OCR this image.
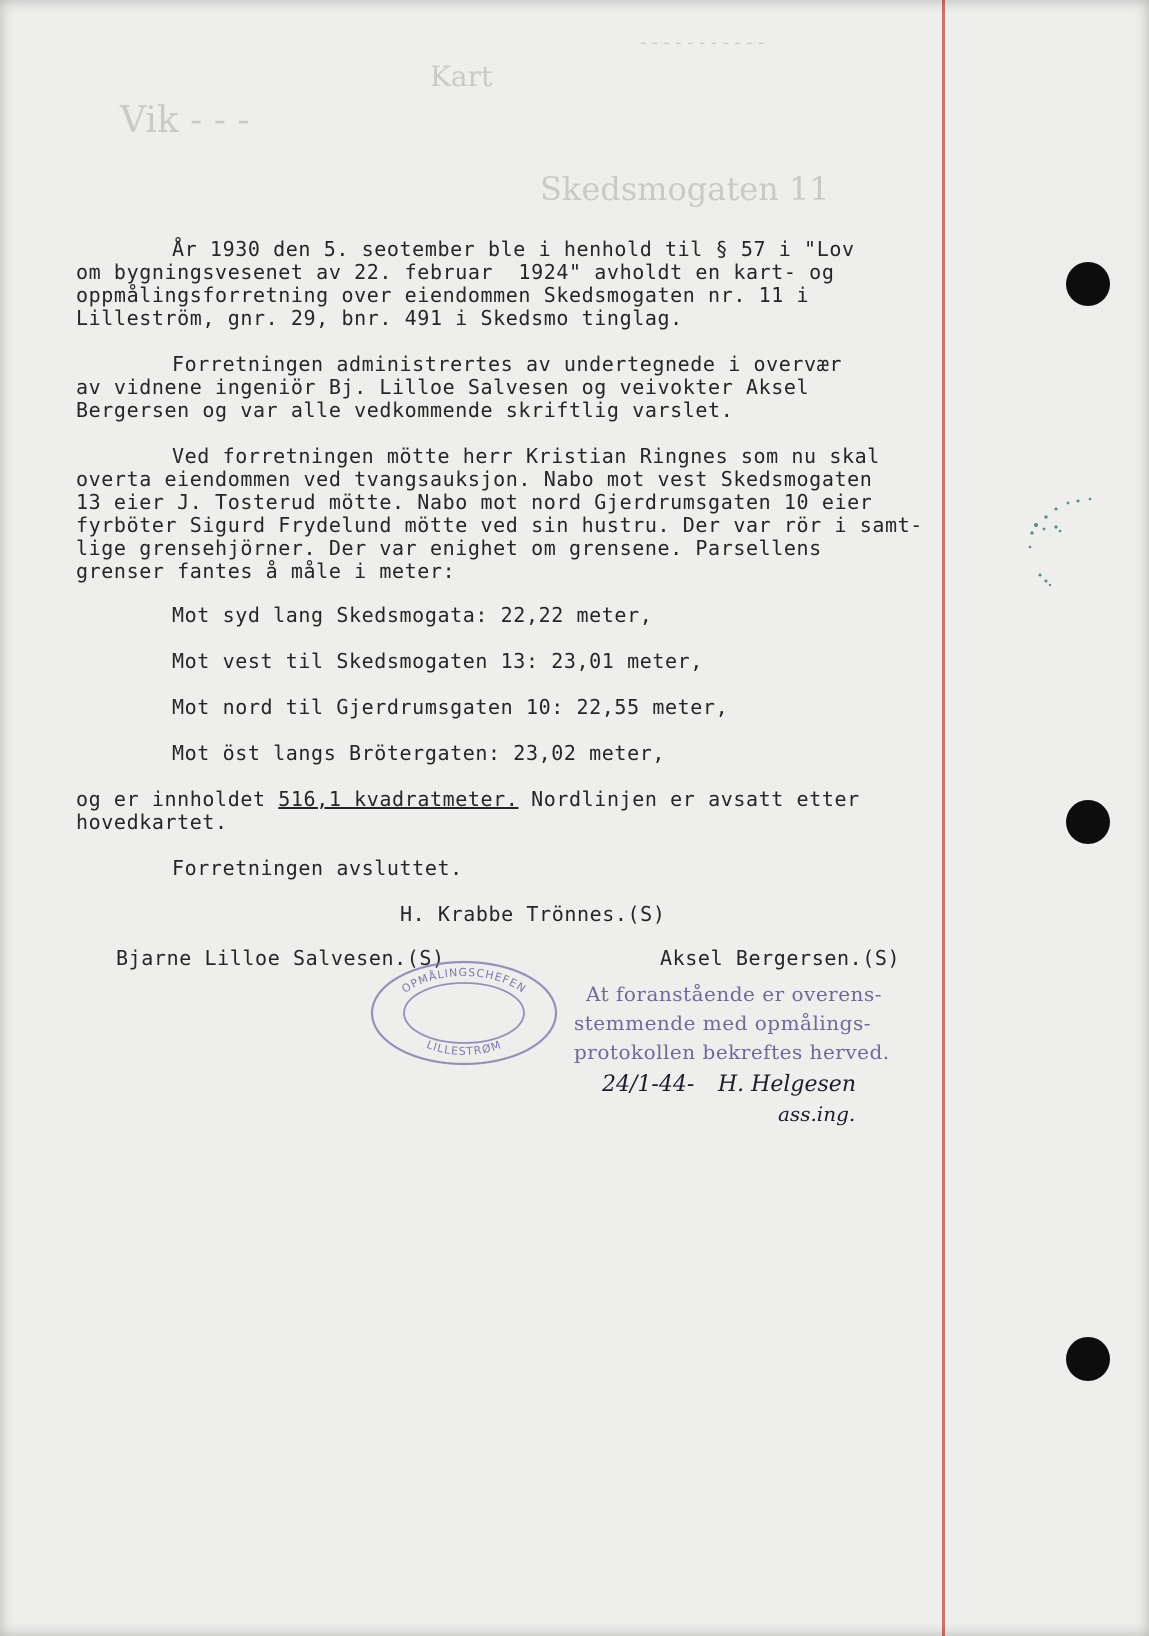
Vik - - -
Kart
Skedsmogaten 11
- - - - - - - - - - -
År 1930 den 5. seotember ble i henhold til § 57 i "Lov
om bygningsvesenet av 22. februar  1924" avholdt en kart- og
oppmålingsforretning over eiendommen Skedsmogaten nr. 11 i
Lilleström, gnr. 29, bnr. 491 i Skedsmo tinglag.
Forretningen administrertes av undertegnede i overvær
av vidnene ingeniör Bj. Lilloe Salvesen og veivokter Aksel
Bergersen og var alle vedkommende skriftlig varslet.
Ved forretningen mötte herr Kristian Ringnes som nu skal
overta eiendommen ved tvangsauksjon. Nabo mot vest Skedsmogaten
13 eier J. Tosterud mötte. Nabo mot nord Gjerdrumsgaten 10 eier
fyrböter Sigurd Frydelund mötte ved sin hustru. Der var rör i samt-
lige grensehjörner. Der var enighet om grensene. Parsellens
grenser fantes å måle i meter:
Mot syd lang Skedsmogata: 22,22 meter,
Mot vest til Skedsmogaten 13: 23,01 meter,
Mot nord til Gjerdrumsgaten 10: 22,55 meter,
Mot öst langs Brötergaten: 23,02 meter,
og er innholdet 516,1 kvadratmeter. Nordlinjen er avsatt etter
hovedkartet.
Forretningen avsluttet.
H. Krabbe Trönnes.(S)
Bjarne Lilloe Salvesen.(S)	Aksel Bergersen.(S)
OPMÅLINGSCHEFEN
LILLESTRØM
At foranstående er overens-
stemmende med opmålings-
protokollen bekreftes herved.
24/1-44- H. Helgesen
ass.ing.
